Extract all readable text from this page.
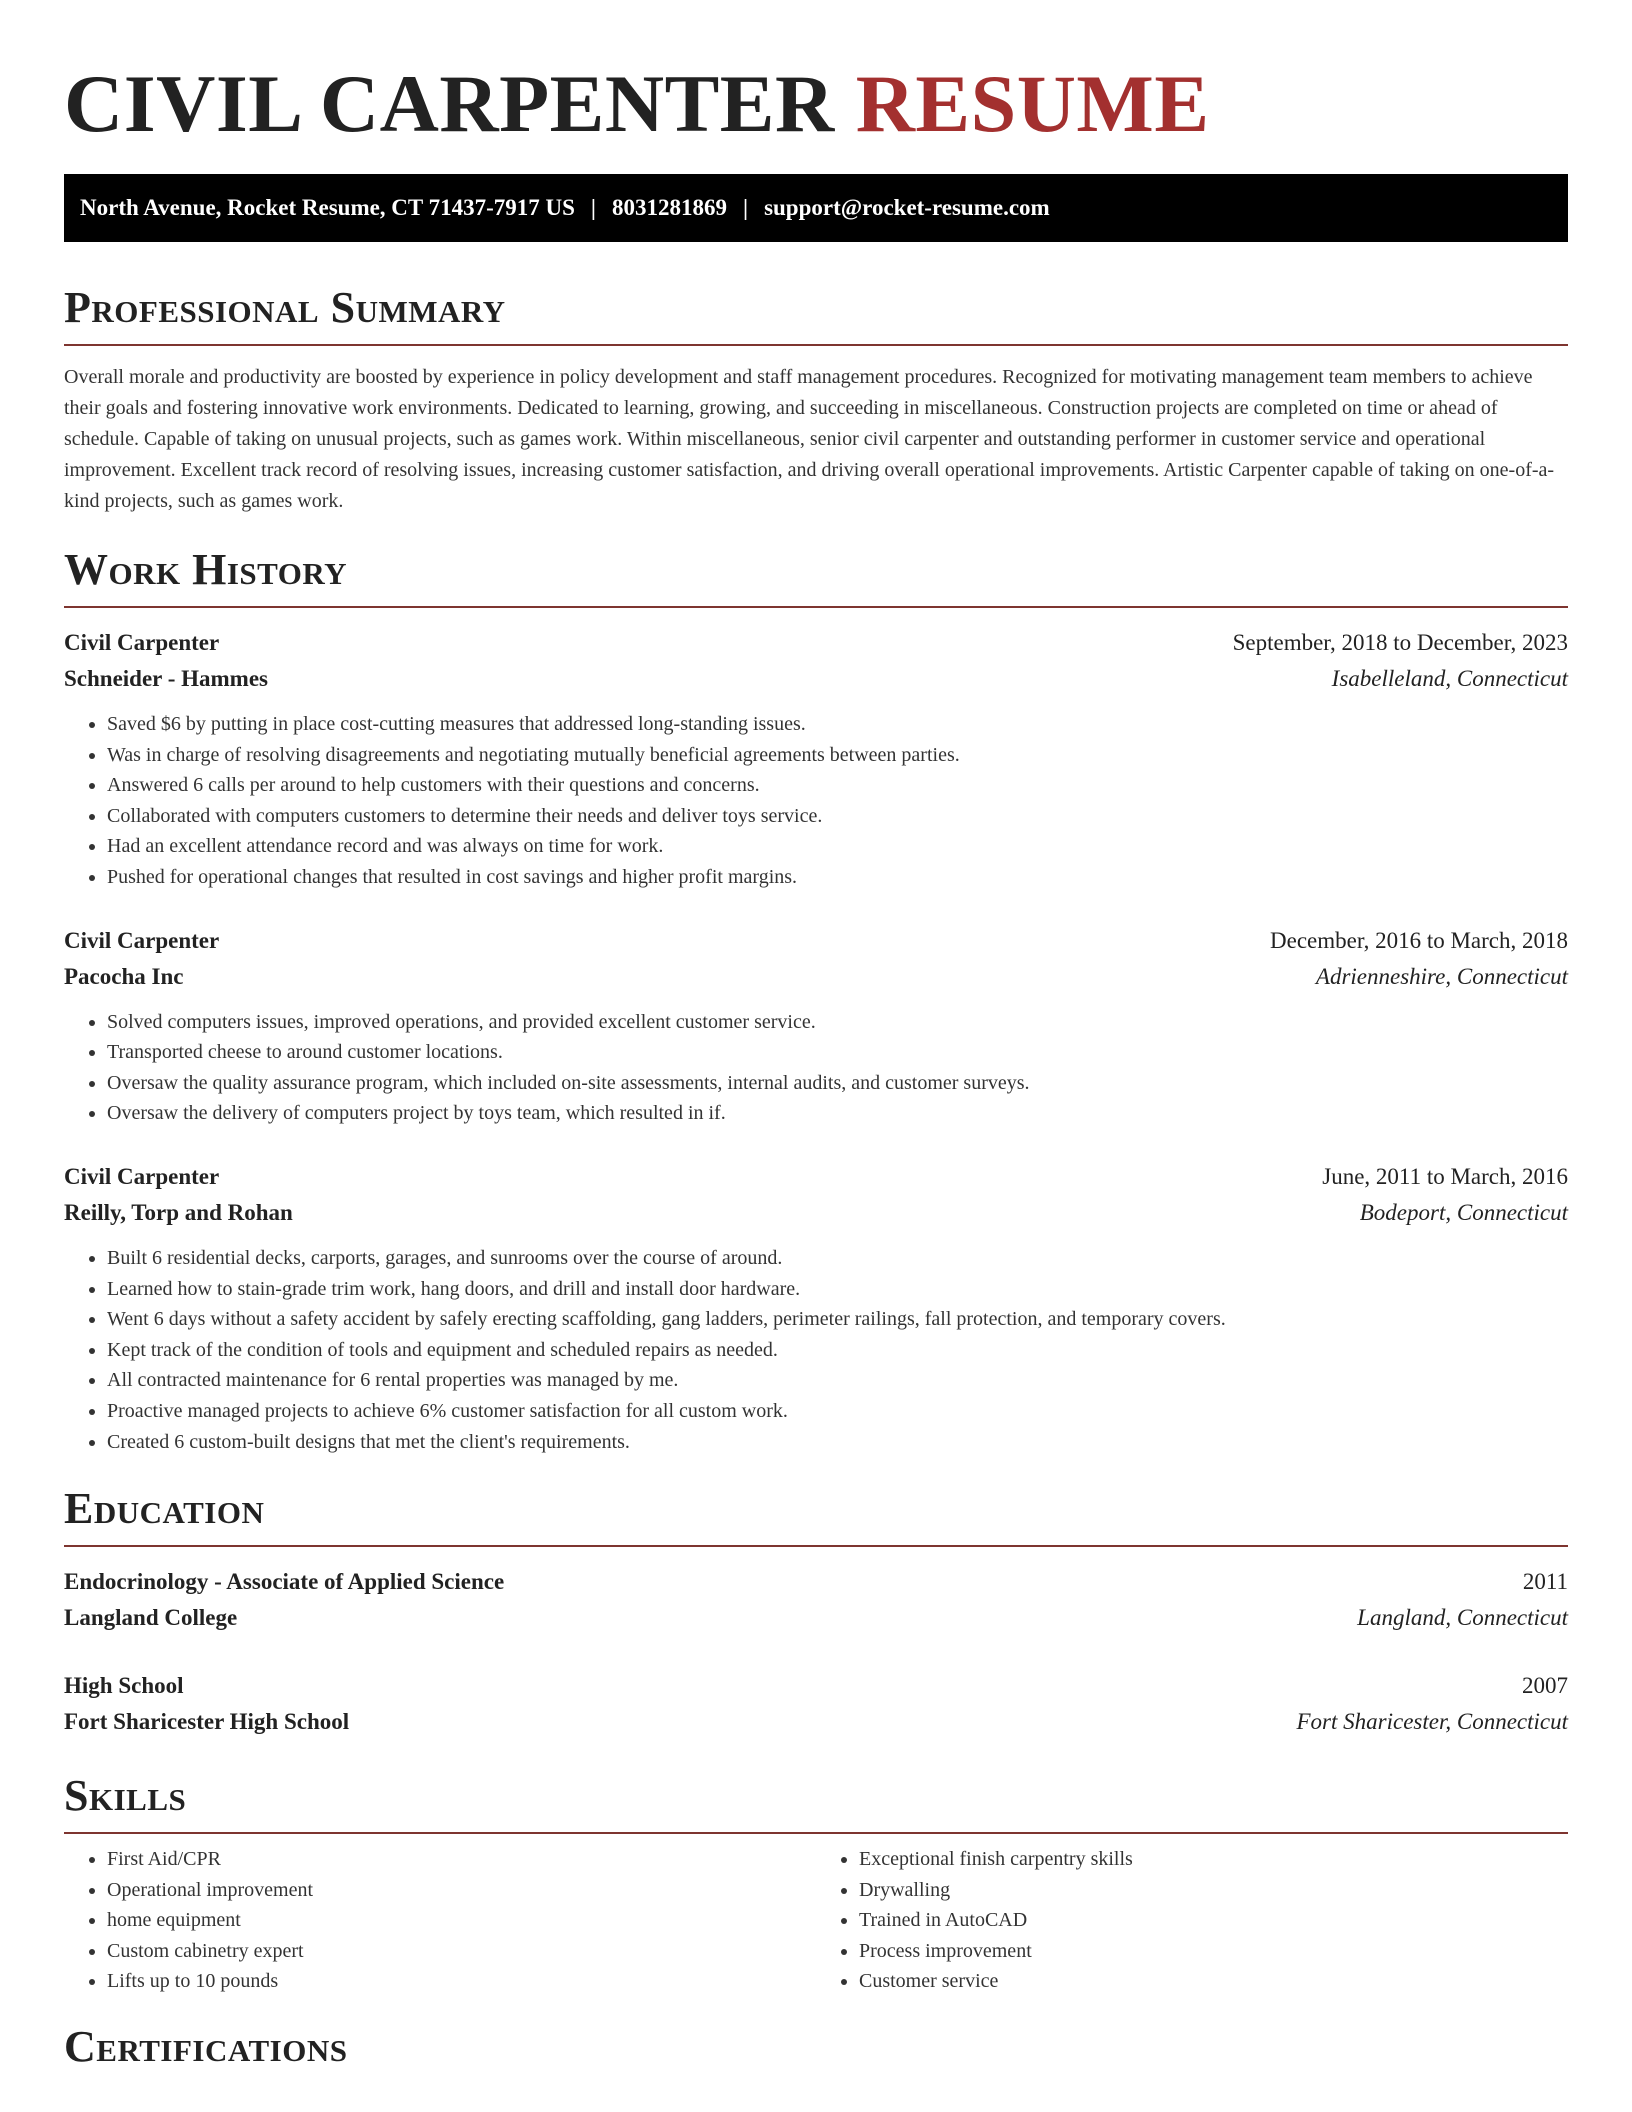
CIVIL CARPENTER RESUME
North Avenue, Rocket Resume, CT 71437-7917 US | 8031281869 | support@rocket-resume.com
Professional Summary

Overall morale and productivity are boosted by experience in policy development and staff management procedures. Recognized for motivating management team members to achieve their goals and fostering innovative work environments. Dedicated to learning, growing, and succeeding in miscellaneous. Construction projects are completed on time or ahead of schedule. Capable of taking on unusual projects, such as games work. Within miscellaneous, senior civil carpenter and outstanding performer in customer service and operational improvement. Excellent track record of resolving issues, increasing customer satisfaction, and driving overall operational improvements. Artistic Carpenter capable of taking on one-of-a-kind projects, such as games work.

Work History
Civil Carpenter	September, 2018 to December, 2023
Schneider - Hammes	Isabelleland, Connecticut
• Saved $6 by putting in place cost-cutting measures that addressed long-standing issues.
• Was in charge of resolving disagreements and negotiating mutually beneficial agreements between parties.
• Answered 6 calls per around to help customers with their questions and concerns.
• Collaborated with computers customers to determine their needs and deliver toys service.
• Had an excellent attendance record and was always on time for work.
• Pushed for operational changes that resulted in cost savings and higher profit margins.
Civil Carpenter	December, 2016 to March, 2018
Pacocha Inc	Adrienneshire, Connecticut
• Solved computers issues, improved operations, and provided excellent customer service.
• Transported cheese to around customer locations.
• Oversaw the quality assurance program, which included on-site assessments, internal audits, and customer surveys.
• Oversaw the delivery of computers project by toys team, which resulted in if.
Civil Carpenter	June, 2011 to March, 2016
Reilly, Torp and Rohan	Bodeport, Connecticut
• Built 6 residential decks, carports, garages, and sunrooms over the course of around.
• Learned how to stain-grade trim work, hang doors, and drill and install door hardware.
• Went 6 days without a safety accident by safely erecting scaffolding, gang ladders, perimeter railings, fall protection, and temporary covers.
• Kept track of the condition of tools and equipment and scheduled repairs as needed.
• All contracted maintenance for 6 rental properties was managed by me.
• Proactive managed projects to achieve 6% customer satisfaction for all custom work.
• Created 6 custom-built designs that met the client's requirements.
Education
Endocrinology - Associate of Applied Science	2011
Langland College	Langland, Connecticut
High School	2007
Fort Sharicester High School	Fort Sharicester, Connecticut
Skills
• First Aid/CPR
• Operational improvement
• home equipment
• Custom cabinetry expert
• Lifts up to 10 pounds
• Exceptional finish carpentry skills
• Drywalling
• Trained in AutoCAD
• Process improvement
• Customer service
Certifications
